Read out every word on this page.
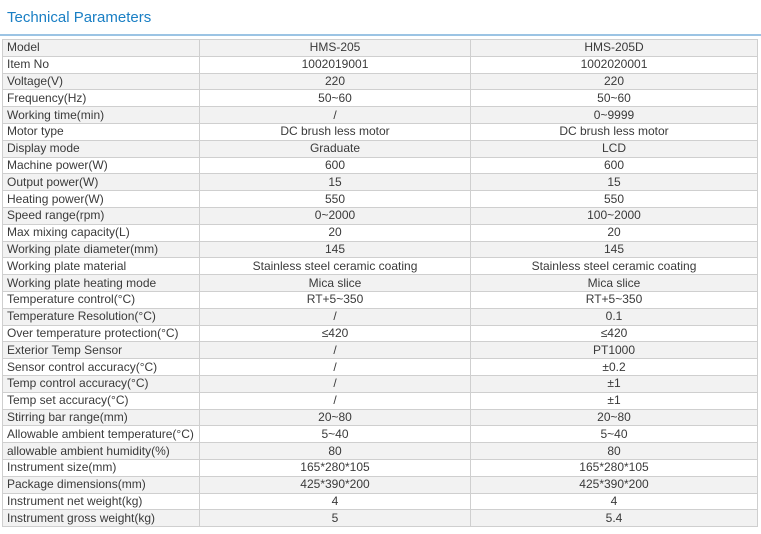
Technical Parameters
Model	HMS-205	HMS-205D
Item No	1002019001	1002020001
Voltage(V)	220	220
Frequency(Hz)	50~60	50~60
Working time(min)	/	0~9999
Motor type	DC brush less motor	DC brush less motor
Display mode	Graduate	LCD
Machine power(W)	600	600
Output power(W)	15	15
Heating power(W)	550	550
Speed range(rpm)	0~2000	100~2000
Max mixing capacity(L)	20	20
Working plate diameter(mm)	145	145
Working plate material	Stainless steel ceramic coating	Stainless steel ceramic coating
Working plate heating mode	Mica slice	Mica slice
Temperature control(°C)	RT+5~350	RT+5~350
Temperature Resolution(°C)	/	0.1
Over temperature protection(°C)	≤420	≤420
Exterior Temp Sensor	/	PT1000
Sensor control accuracy(°C)	/	±0.2
Temp control accuracy(°C)	/	±1
Temp set accuracy(°C)	/	±1
Stirring bar range(mm)	20~80	20~80
Allowable ambient temperature(°C)	5~40	5~40
allowable ambient humidity(%)	80	80
Instrument size(mm)	165*280*105	165*280*105
Package dimensions(mm)	425*390*200	425*390*200
Instrument net weight(kg)	4	4
Instrument gross weight(kg)	5	5.4
